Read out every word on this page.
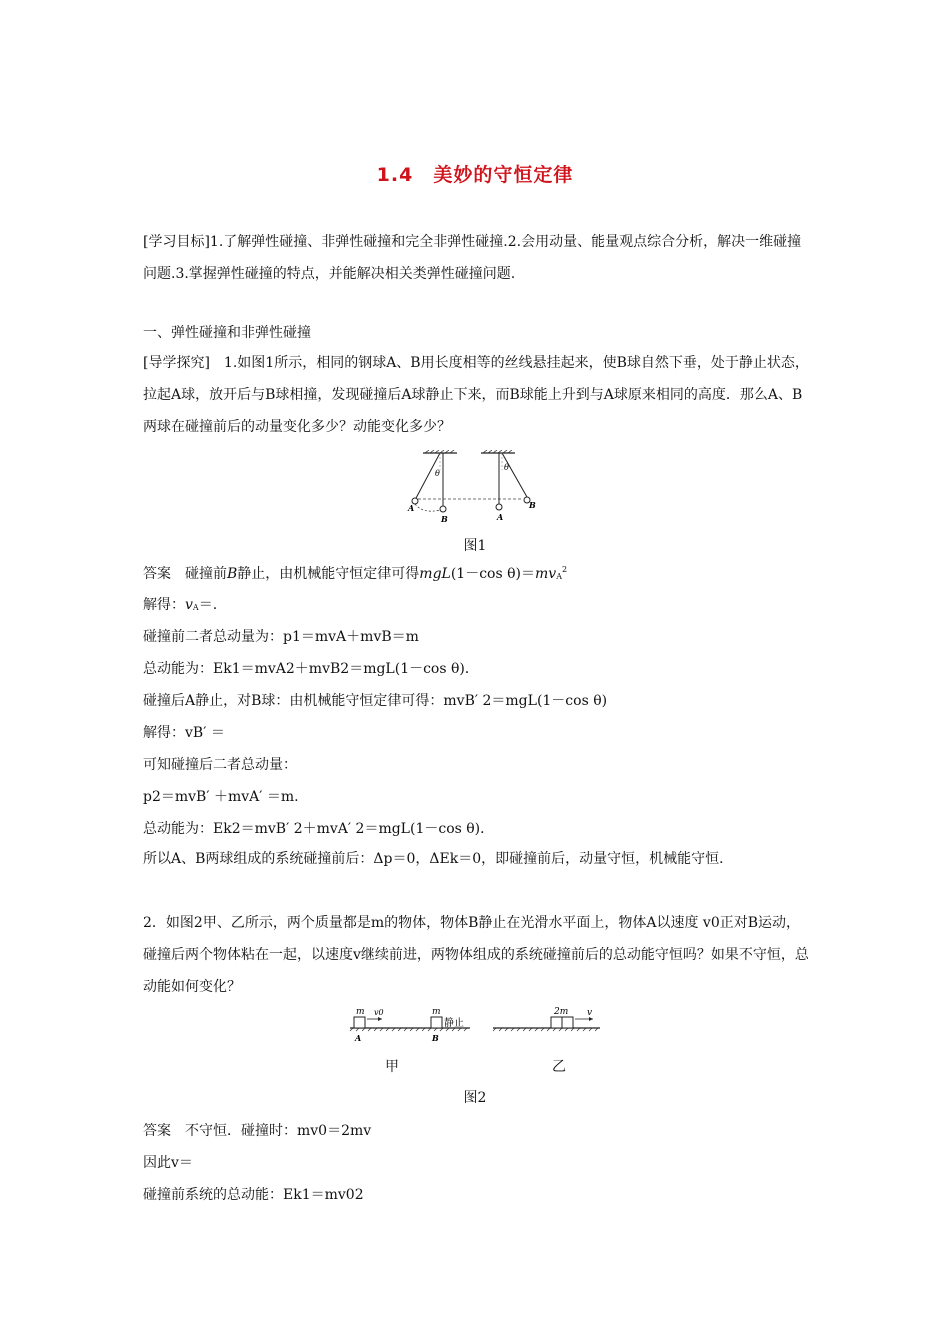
1.4　美妙的守恒定律

[学习目标]1.了解弹性碰撞、非弹性碰撞和完全非弹性碰撞.2.会用动量、能量观点综合分析，解决一维碰撞问题.3.掌握弹性碰撞的特点，并能解决相关类弹性碰撞问题.

一、弹性碰撞和非弹性碰撞

[导学探究]　1.如图1所示，相同的钢球A、B用长度相等的丝线悬挂起来，使B球自然下垂，处于静止状态，拉起A球，放开后与B球相撞，发现碰撞后A球静止下来，而B球能上升到与A球原来相同的高度．那么A、B两球在碰撞前后的动量变化多少？动能变化多少？

θ
A
B
θ
A
B
图1
答案　碰撞前B静止，由机械能守恒定律可得mgL(1－cos θ)＝mvA$^2$
解得：vA＝.
碰撞前二者总动量为：p1＝mvA＋mvB＝m
总动能为：Ek1＝mvA2＋mvB2＝mgL(1－cos θ)．
碰撞后A静止，对B球：由机械能守恒定律可得：mvB′ 2＝mgL(1－cos θ)
解得：vB′ ＝
可知碰撞后二者总动量：
p2＝mvB′ ＋mvA′ ＝m.
总动能为：Ek2＝mvB′ 2＋mvA′ 2＝mgL(1－cos θ)．

所以A、B两球组成的系统碰撞前后：Δp＝0，ΔEk＝0，即碰撞前后，动量守恒，机械能守恒．

2．如图2甲、乙所示，两个质量都是m的物体，物体B静止在光滑水平面上，物体A以速度 v0正对B运动，碰撞后两个物体粘在一起，以速度v继续前进，两物体组成的系统碰撞前后的总动能守恒吗？如果不守恒，总动能如何变化？

m v0
A
m
静止
B
2m v
甲	乙
图2
答案　不守恒．碰撞时：mv0＝2mv
因此v＝
碰撞前系统的总动能：Ek1＝mv02
